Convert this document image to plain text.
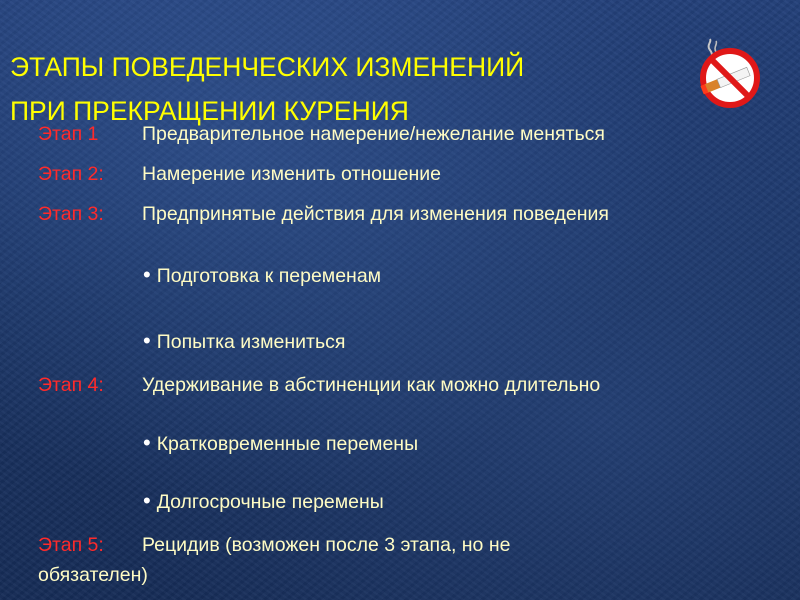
ЭТАПЫ ПОВЕДЕНЧЕСКИХ ИЗМЕНЕНИЙ
ПРИ ПРЕКРАЩЕНИИ КУРЕНИЯ
Этап 1 Предварительное намерение/нежелание меняться
Этап 2: Намерение изменить отношение
Этап 3: Предпринятые действия для изменения поведения
• Подготовка к переменам
• Попытка измениться
Этап 4: Удерживание в абстиненции как можно длительно
• Кратковременные перемены
• Долгосрочные перемены
Этап 5: Рецидив (возможен после 3 этапа, но не
обязателен)
